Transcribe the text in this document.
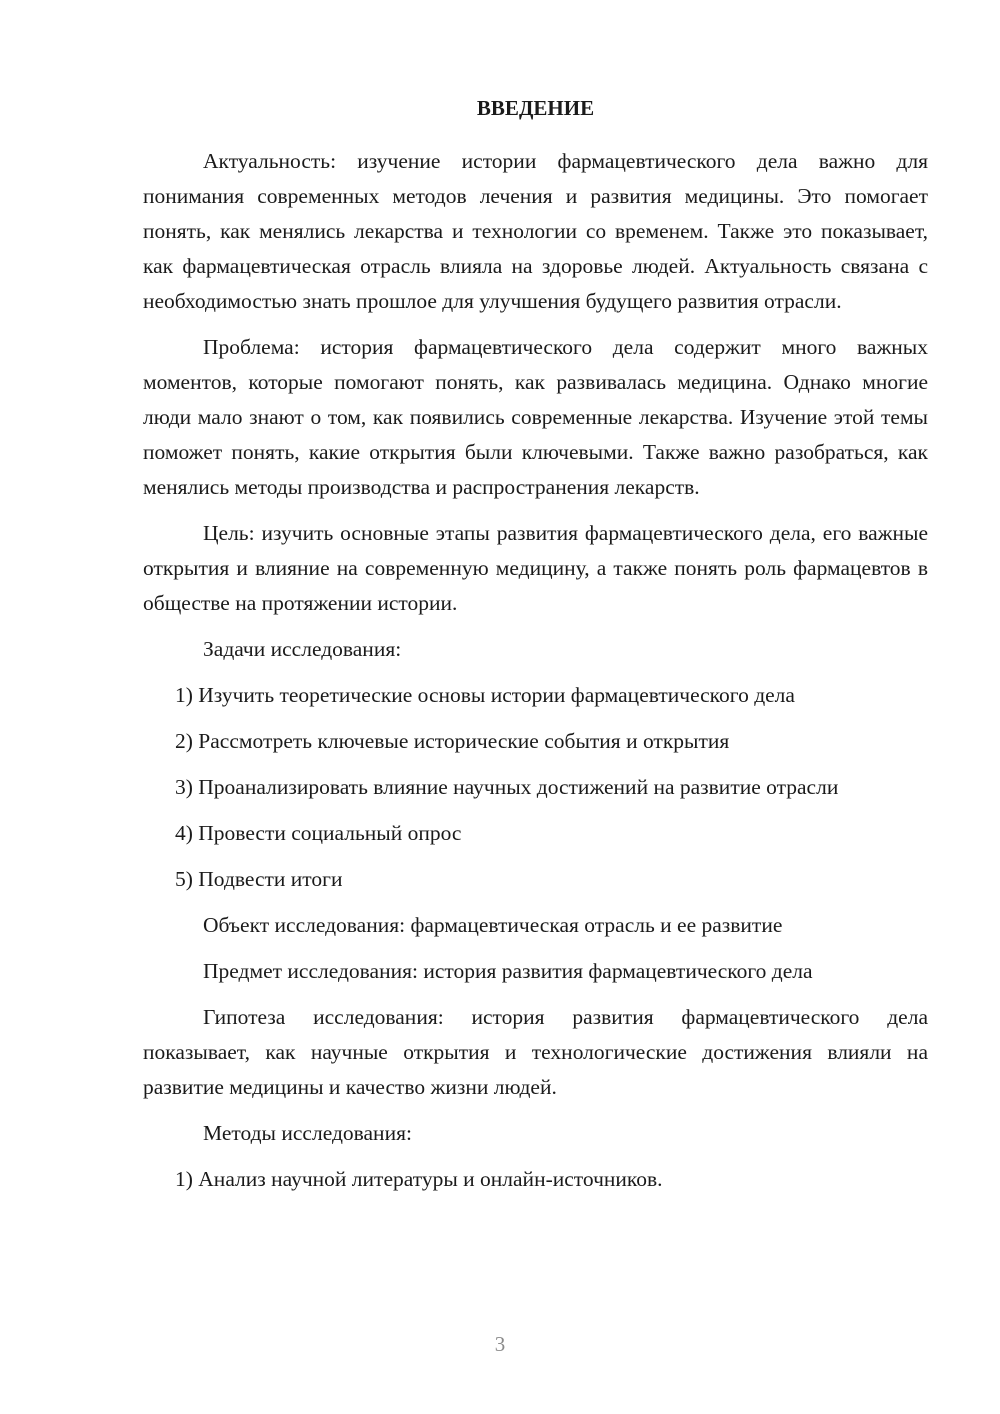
ВВЕДЕНИЕ

Актуальность: изучение истории фармацевтического дела важно для понимания современных методов лечения и развития медицины. Это помогает понять, как менялись лекарства и технологии со временем. Также это показывает, как фармацевтическая отрасль влияла на здоровье людей. Актуальность связана с необходимостью знать прошлое для улучшения будущего развития отрасли.

Проблема: история фармацевтического дела содержит много важных моментов, которые помогают понять, как развивалась медицина. Однако многие люди мало знают о том, как появились современные лекарства. Изучение этой темы поможет понять, какие открытия были ключевыми. Также важно разобраться, как менялись методы производства и распространения лекарств.

Цель: изучить основные этапы развития фармацевтического дела, его важные открытия и влияние на современную медицину, а также понять роль фармацевтов в обществе на протяжении истории.

Задачи исследования:

1) Изучить теоретические основы истории фармацевтического дела

2) Рассмотреть ключевые исторические события и открытия

3) Проанализировать влияние научных достижений на развитие отрасли

4) Провести социальный опрос

5) Подвести итоги

Объект исследования: фармацевтическая отрасль и ее развитие

Предмет исследования: история развития фармацевтического дела

Гипотеза исследования: история развития фармацевтического дела показывает, как научные открытия и технологические достижения влияли на развитие медицины и качество жизни людей.

Методы исследования:

1) Анализ научной литературы и онлайн-источников.

3
